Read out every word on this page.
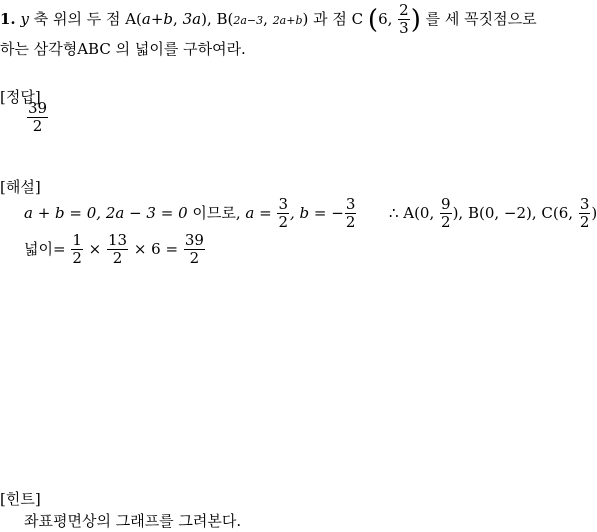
1. y 축 위의 두 점 A(a+b, 3a), B(2a−3, 2a+b) 과 점 C (6, $\frac{2}{3}$ ) 를 세 꼭짓점으로
하는 삼각형ABC 의 넓이를 구하여라.
[정답]
$\frac{39}{2}$
[해설]
a + b = 0, 2a − 3 = 0 이므로, $a = \frac{3}{2}$ , b = − $\frac{3}{2}$ ∴ A(0, $\frac{9}{2}$ ), B(0, −2), C(6, $\frac{3}{2}$ )
넓이= $\frac{1}{2} \times \frac{13}{2} \times 6 = \frac{39}{2}$
[힌트]
좌표평면상의 그래프를 그려본다.
